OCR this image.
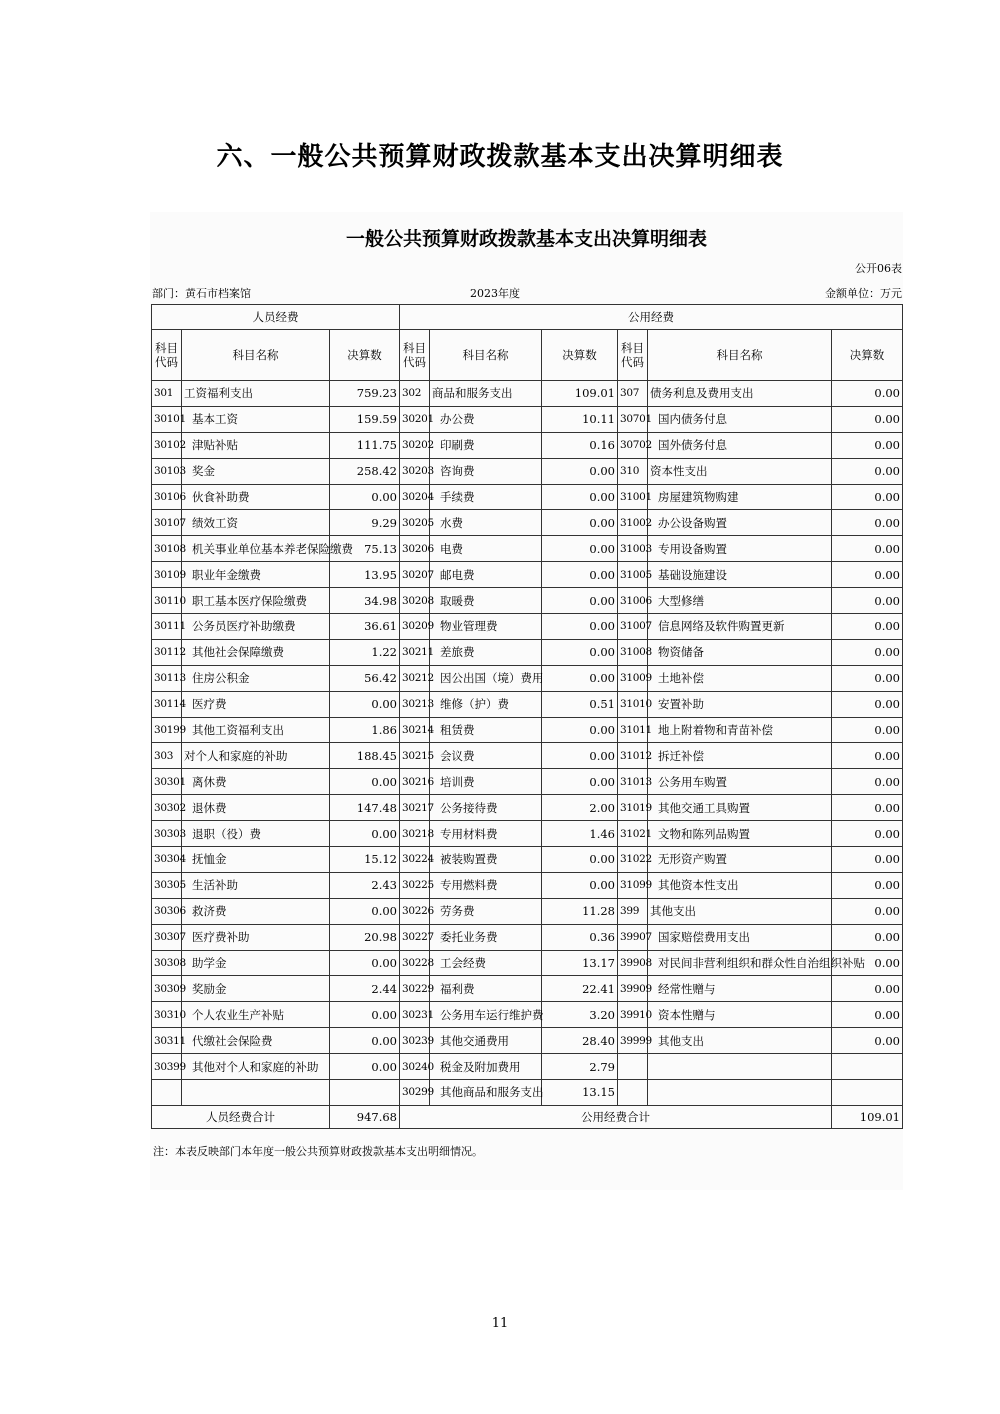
六、一般公共预算财政拨款基本支出决算明细表
一般公共预算财政拨款基本支出决算明细表
公开06表
部门：黄石市档案馆	2023年度	金额单位：万元
人员经费			公用经费					
科目代码	科目名称	决算数	科目代码	科目名称	决算数	科目代码	科目名称	决算数
301	工资福利支出	759.23	302	商品和服务支出	109.01	307	债务利息及费用支出	0.00
30101	基本工资	159.59	30201	办公费	10.11	30701	国内债务付息	0.00
30102	津贴补贴	111.75	30202	印刷费	0.16	30702	国外债务付息	0.00
30103	奖金	258.42	30203	咨询费	0.00	310	资本性支出	0.00
30106	伙食补助费	0.00	30204	手续费	0.00	31001	房屋建筑物购建	0.00
30107	绩效工资	9.29	30205	水费	0.00	31002	办公设备购置	0.00
30108	机关事业单位基本养老保险缴费	75.13	30206	电费	0.00	31003	专用设备购置	0.00
30109	职业年金缴费	13.95	30207	邮电费	0.00	31005	基础设施建设	0.00
30110	职工基本医疗保险缴费	34.98	30208	取暖费	0.00	31006	大型修缮	0.00
30111	公务员医疗补助缴费	36.61	30209	物业管理费	0.00	31007	信息网络及软件购置更新	0.00
30112	其他社会保障缴费	1.22	30211	差旅费	0.00	31008	物资储备	0.00
30113	住房公积金	56.42	30212	因公出国（境）费用	0.00	31009	土地补偿	0.00
30114	医疗费	0.00	30213	维修（护）费	0.51	31010	安置补助	0.00
30199	其他工资福利支出	1.86	30214	租赁费	0.00	31011	地上附着物和青苗补偿	0.00
303	对个人和家庭的补助	188.45	30215	会议费	0.00	31012	拆迁补偿	0.00
30301	离休费	0.00	30216	培训费	0.00	31013	公务用车购置	0.00
30302	退休费	147.48	30217	公务接待费	2.00	31019	其他交通工具购置	0.00
30303	退职（役）费	0.00	30218	专用材料费	1.46	31021	文物和陈列品购置	0.00
30304	抚恤金	15.12	30224	被装购置费	0.00	31022	无形资产购置	0.00
30305	生活补助	2.43	30225	专用燃料费	0.00	31099	其他资本性支出	0.00
30306	救济费	0.00	30226	劳务费	11.28	399	其他支出	0.00
30307	医疗费补助	20.98	30227	委托业务费	0.36	39907	国家赔偿费用支出	0.00
30308	助学金	0.00	30228	工会经费	13.17	39908	对民间非营利组织和群众性自治组织补贴	0.00
30309	奖励金	2.44	30229	福利费	22.41	39909	经常性赠与	0.00
30310	个人农业生产补贴	0.00	30231	公务用车运行维护费	3.20	39910	资本性赠与	0.00
30311	代缴社会保险费	0.00	30239	其他交通费用	28.40	39999	其他支出	0.00
30399	其他对个人和家庭的补助	0.00	30240	税金及附加费用	2.79			
			30299	其他商品和服务支出	13.15			
人员经费合计		947.68	公用经费合计					109.01
注：本表反映部门本年度一般公共预算财政拨款基本支出明细情况。
11
